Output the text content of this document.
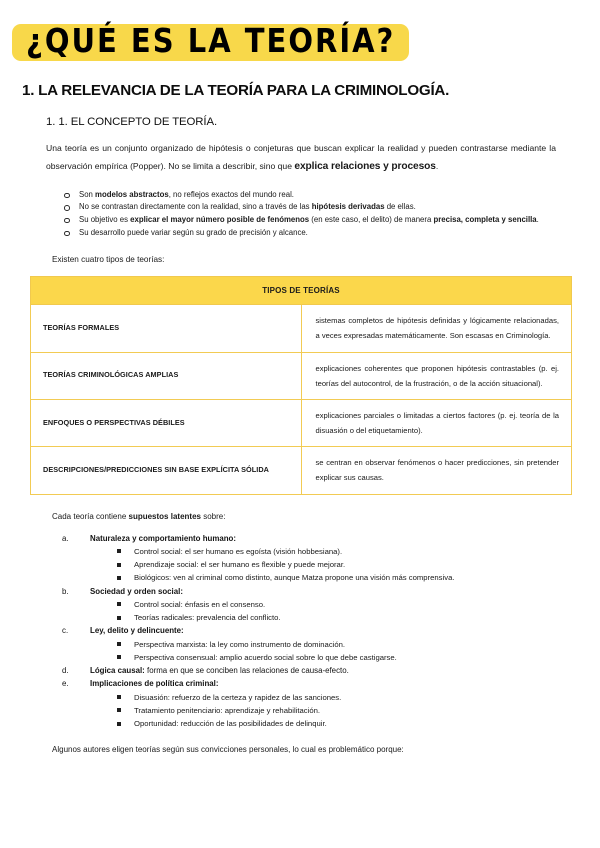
¿QUÉ ES LA TEORÍA?
1. LA RELEVANCIA DE LA TEORÍA PARA LA CRIMINOLOGÍA.
1. 1. EL CONCEPTO DE TEORÍA.

Una teoría es un conjunto organizado de hipótesis o conjeturas que buscan explicar la realidad y pueden contrastarse mediante la observación empírica (Popper). No se limita a describir, sino que explica relaciones y procesos.

Son modelos abstractos, no reflejos exactos del mundo real.
No se contrastan directamente con la realidad, sino a través de las hipótesis derivadas de ellas.
Su objetivo es explicar el mayor número posible de fenómenos (en este caso, el delito) de manera precisa, completa y sencilla.
Su desarrollo puede variar según su grado de precisión y alcance.
Existen cuatro tipos de teorías:
TIPOS DE TEORÍAS	
TEORÍAS FORMALES	sistemas completos de hipótesis definidas y lógicamente relacionadas, a veces expresadas matemáticamente. Son escasas en Criminología.
TEORÍAS CRIMINOLÓGICAS AMPLIAS	explicaciones coherentes que proponen hipótesis contrastables (p. ej. teorías del autocontrol, de la frustración, o de la acción situacional).
ENFOQUES O PERSPECTIVAS DÉBILES	explicaciones parciales o limitadas a ciertos factores (p. ej. teoría de la disuasión o del etiquetamiento).
DESCRIPCIONES/PREDICCIONES SIN BASE EXPLÍCITA SÓLIDA	se centran en observar fenómenos o hacer predicciones, sin pretender explicar sus causas.
Cada teoría contiene supuestos latentes sobre:
Naturaleza y comportamiento humano:
Control social: el ser humano es egoísta (visión hobbesiana).
Aprendizaje social: el ser humano es flexible y puede mejorar.
Biológicos: ven al criminal como distinto, aunque Matza propone una visión más comprensiva.
Sociedad y orden social:
Control social: énfasis en el consenso.
Teorías radicales: prevalencia del conflicto.
Ley, delito y delincuente:
Perspectiva marxista: la ley como instrumento de dominación.
Perspectiva consensual: amplio acuerdo social sobre lo que debe castigarse.
Lógica causal: forma en que se conciben las relaciones de causa-efecto.
Implicaciones de política criminal:
Disuasión: refuerzo de la certeza y rapidez de las sanciones.
Tratamiento penitenciario: aprendizaje y rehabilitación.
Oportunidad: reducción de las posibilidades de delinquir.
Algunos autores eligen teorías según sus convicciones personales, lo cual es problemático porque:
